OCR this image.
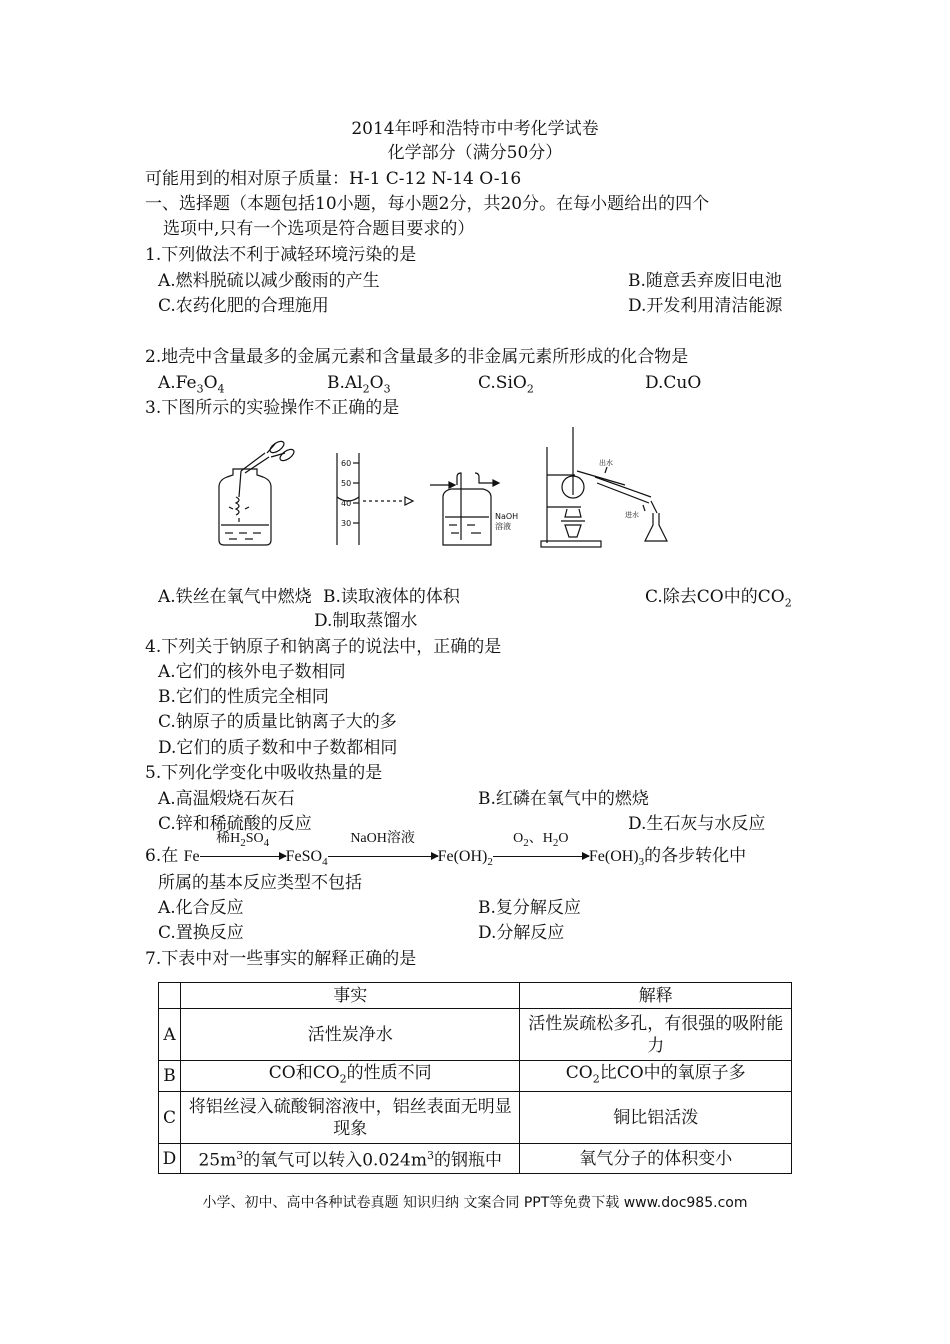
2014年呼和浩特市中考化学试卷
化学部分（满分50分）
可能用到的相对原子质量：H-1 C-12 N-14 O-16
一、选择题（本题包括10小题，每小题2分，共20分。在每小题给出的四个
选项中,只有一个选项是符合题目要求的）
1.下列做法不利于减轻环境污染的是
A.燃料脱硫以减少酸雨的产生	B.随意丢弃废旧电池
C.农药化肥的合理施用	D.开发利用清洁能源
2.地壳中含量最多的金属元素和含量最多的非金属元素所形成的化合物是
$A.Fe_3O_4$	$B.Al_2O_3$	C.SiO$_2$	D.CuO
3.下图所示的实验操作不正确的是
60
50
40
30
NaOH
溶液
出水
进水
A.铁丝在氧气中燃烧 B.读取液体的体积	C.除去CO中的$CO_2$
D.制取蒸馏水
4.下列关于钠原子和钠离子的说法中，正确的是
A.它们的核外电子数相同
B.它们的性质完全相同
C.钠原子的质量比钠离子大的多
D.它们的质子数和中子数都相同
5.下列化学变化中吸收热量的是
A.高温煅烧石灰石	B.红磷在氧气中的燃烧
C.锌和稀硫酸的反应	D.生石灰与水反应
6.在 Fe
稀$H_2SO_4$
FeSO$_4$
NaOH溶液
$Fe(OH)_2$
$O_2$、$H_2O$
$Fe(OH)_3$的各步转化中
所属的基本反应类型不包括
A.化合反应	B.复分解反应
C.置换反应	D.分解反应
7.下表中对一些事实的解释正确的是
	事实	解释
A	活性炭净水	活性炭疏松多孔，有很强的吸附能力
B	CO和$CO_2$的性质不同	$CO_2$比CO中的氧原子多
C	将铝丝浸入硫酸铜溶液中，铝丝表面无明显现象	铜比铝活泼
D	$25m^3$的氧气可以转入$0.024m^3$的钢瓶中	氧气分子的体积变小
小学、初中、高中各种试卷真题 知识归纳 文案合同 PPT等免费下载 www.doc985.com
